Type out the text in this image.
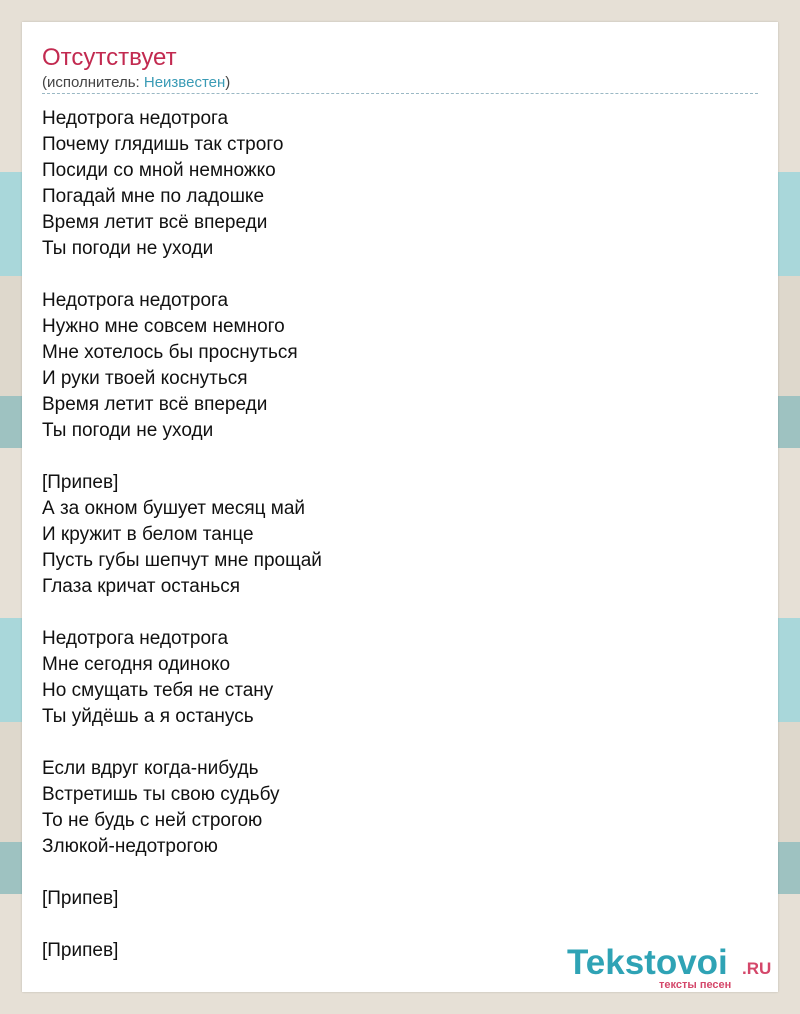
Отсутствует
(исполнитель: Неизвестен)
Недотрога недотрога
Почему глядишь так строго
Посиди со мной немножко
Погадай мне по ладошке
Время летит всё впереди
Ты погоди не уходи
Недотрога недотрога
Нужно мне совсем немного
Мне хотелось бы проснуться
И руки твоей коснуться
Время летит всё впереди
Ты погоди не уходи
[Припев]
А за окном бушует месяц май
И кружит в белом танце
Пусть губы шепчут мне прощай
Глаза кричат останься
Недотрога недотрога
Мне сегодня одиноко
Но смущать тебя не стану
Ты уйдёшь а я останусь
Если вдруг когда-нибудь
Встретишь ты свою судьбу
То не будь с ней строгою
Злюкой-недотрогою
[Припев]
[Припев]	Tekstovoi .RU
тексты песен
